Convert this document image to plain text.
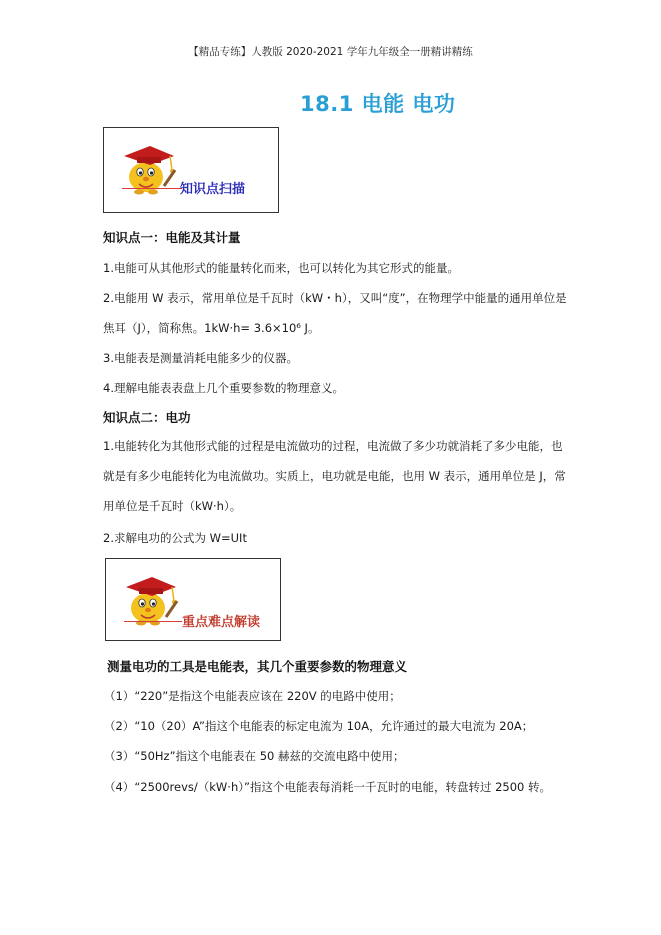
【精品专练】人教版 2020-2021 学年九年级全一册精讲精练
18.1 电能 电功
知识点扫描
知识点一：电能及其计量
1.电能可从其他形式的能量转化而来，也可以转化为其它形式的能量。
2.电能用 W 表示，常用单位是千瓦时（kW・h），又叫“度”，在物理学中能量的通用单位是
焦耳（J），简称焦。1kW·h= 3.6×10⁶ J。
3.电能表是测量消耗电能多少的仪器。
4.理解电能表表盘上几个重要参数的物理意义。
知识点二：电功
1.电能转化为其他形式能的过程是电流做功的过程，电流做了多少功就消耗了多少电能，也
就是有多少电能转化为电流做功。实质上，电功就是电能，也用 W 表示，通用单位是 J，常
用单位是千瓦时（kW·h）。
2.求解电功的公式为 W=UIt
重点难点解读
测量电功的工具是电能表，其几个重要参数的物理意义
（1）“220”是指这个电能表应该在 220V 的电路中使用；
（2）“10（20）A”指这个电能表的标定电流为 10A，允许通过的最大电流为 20A；
（3）“50Hz”指这个电能表在 50 赫兹的交流电路中使用；
（4）“2500revs/（kW·h）”指这个电能表每消耗一千瓦时的电能，转盘转过 2500 转。
